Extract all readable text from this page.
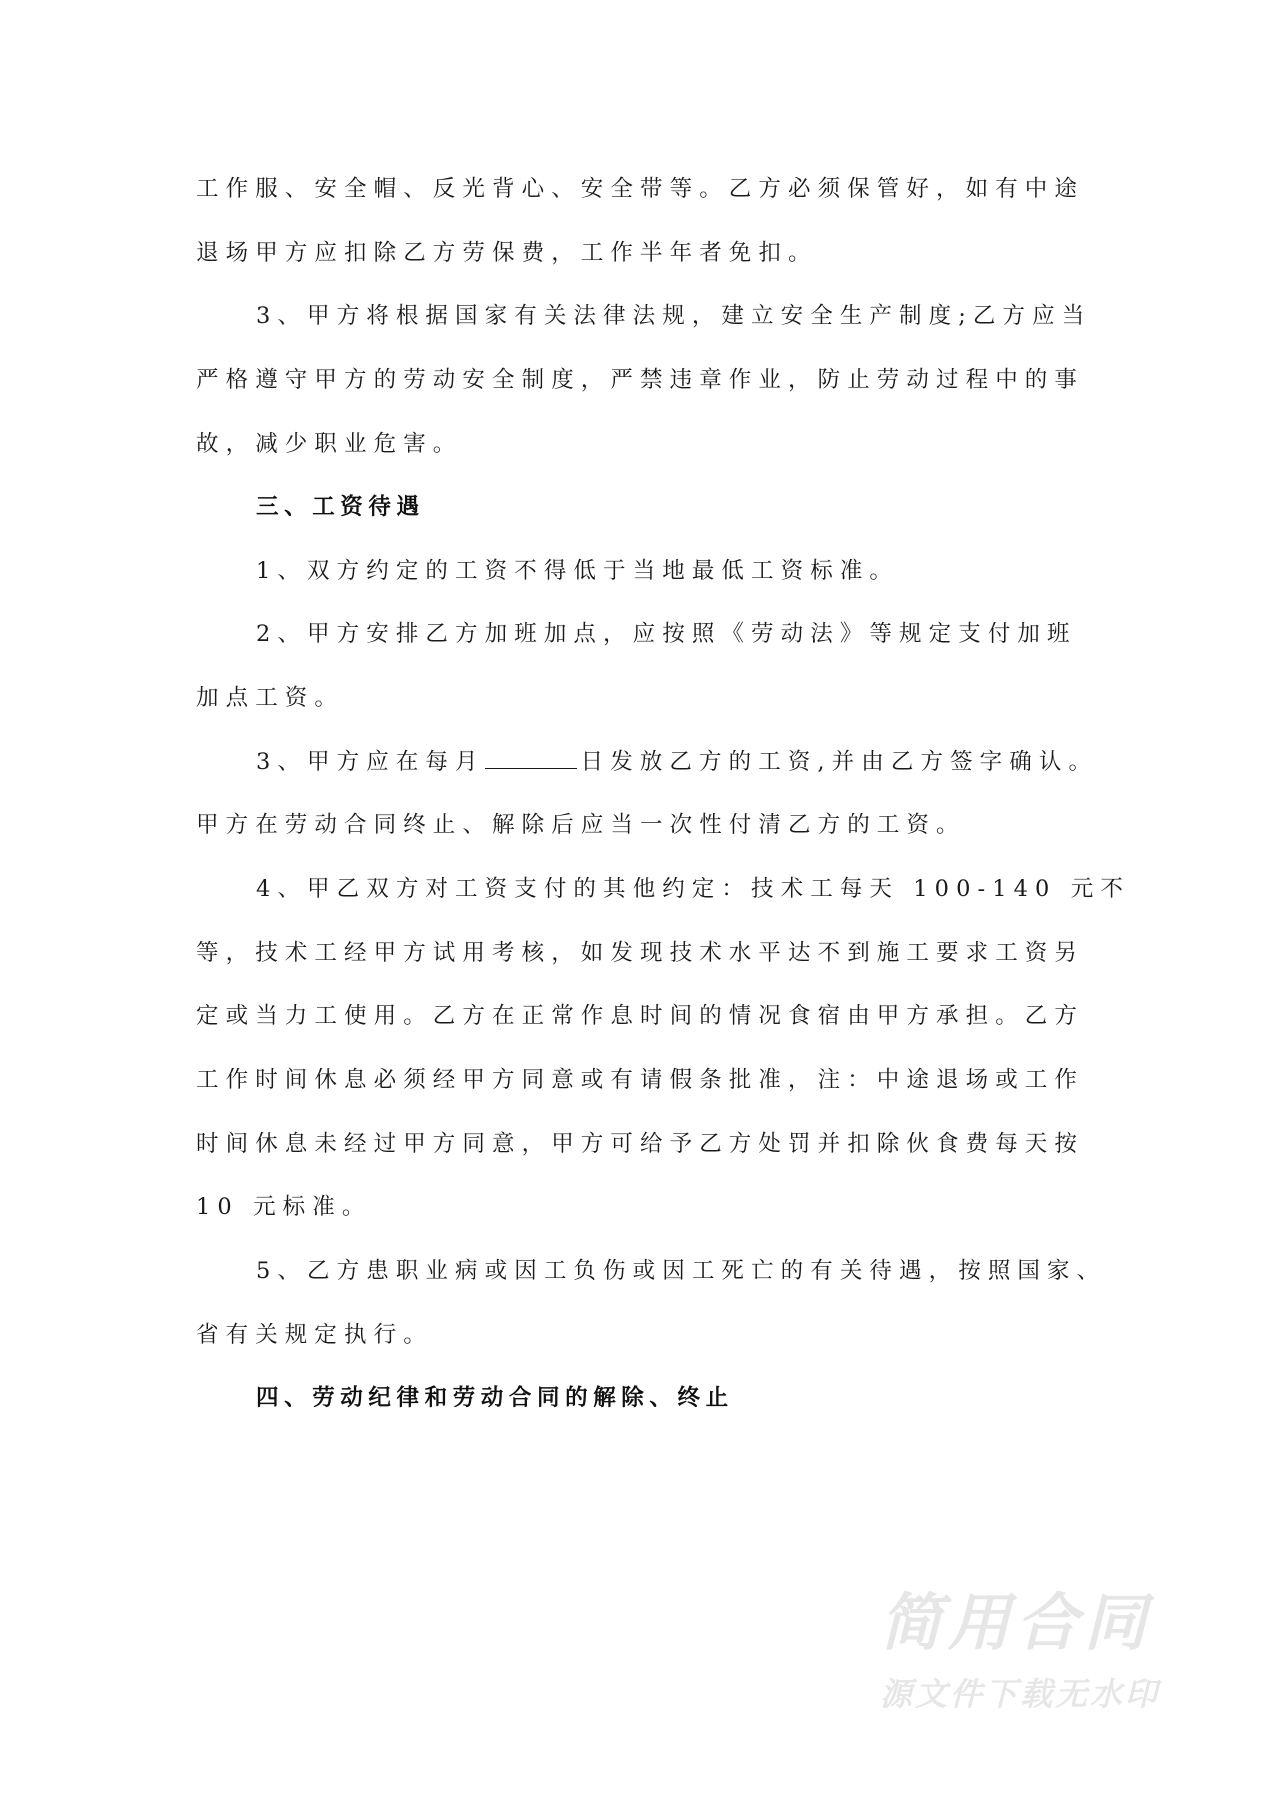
工作服、安全帽、反光背心、安全带等。乙方必须保管好，如有中途
退场甲方应扣除乙方劳保费，工作半年者免扣。
3、甲方将根据国家有关法律法规，建立安全生产制度;乙方应当
严格遵守甲方的劳动安全制度，严禁违章作业，防止劳动过程中的事
故，减少职业危害。
三、工资待遇
1、双方约定的工资不得低于当地最低工资标准。
2、甲方安排乙方加班加点，应按照《劳动法》等规定支付加班
加点工资。
3、甲方应在每月	日发放乙方的工资,并由乙方签字确认。
甲方在劳动合同终止、解除后应当一次性付清乙方的工资。
4、甲乙双方对工资支付的其他约定：技术工每天 100-140 元不
等，技术工经甲方试用考核，如发现技术水平达不到施工要求工资另
定或当力工使用。乙方在正常作息时间的情况食宿由甲方承担。乙方
工作时间休息必须经甲方同意或有请假条批准，注：中途退场或工作
时间休息未经过甲方同意，甲方可给予乙方处罚并扣除伙食费每天按
10 元标准。
5、乙方患职业病或因工负伤或因工死亡的有关待遇，按照国家、
省有关规定执行。
四、劳动纪律和劳动合同的解除、终止
简用合同
源文件下载无水印
